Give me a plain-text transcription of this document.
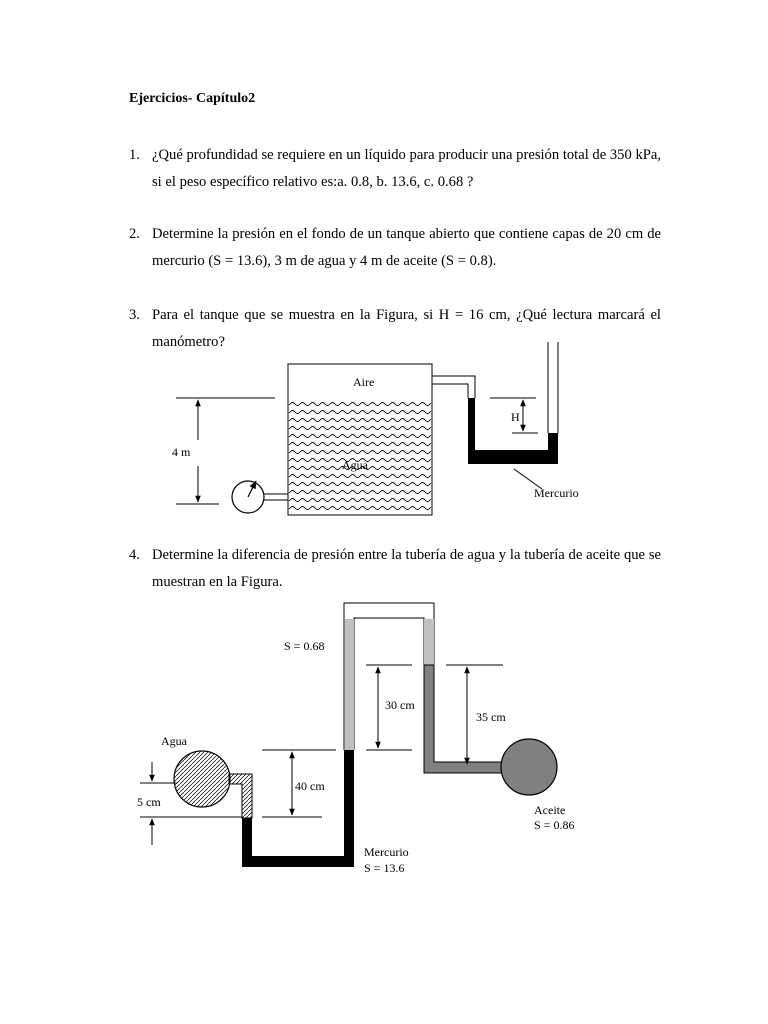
Ejercicios- Capítulo2
1. ¿Qué profundidad se requiere en un líquido para producir una presión total de 350 kPa, si el peso específico relativo es:a. 0.8, b. 13.6, c. 0.68 ?
2. Determine la presión en el fondo de un tanque abierto que contiene capas de 20 cm de mercurio (S = 13.6), 3 m de agua y 4 m de aceite (S = 0.8).
3. Para el tanque que se muestra en la Figura, si H = 16 cm, ¿Qué lectura marcará el manómetro?
4. Determine la diferencia de presión entre la tubería de agua y la tubería de aceite que se muestran en la Figura.
Aire
Agua
4 m
H
Mercurio
S = 0.68
30 cm
35 cm
40 cm
5 cm
Agua
Aceite
S = 0.86
Mercurio
S = 13.6
